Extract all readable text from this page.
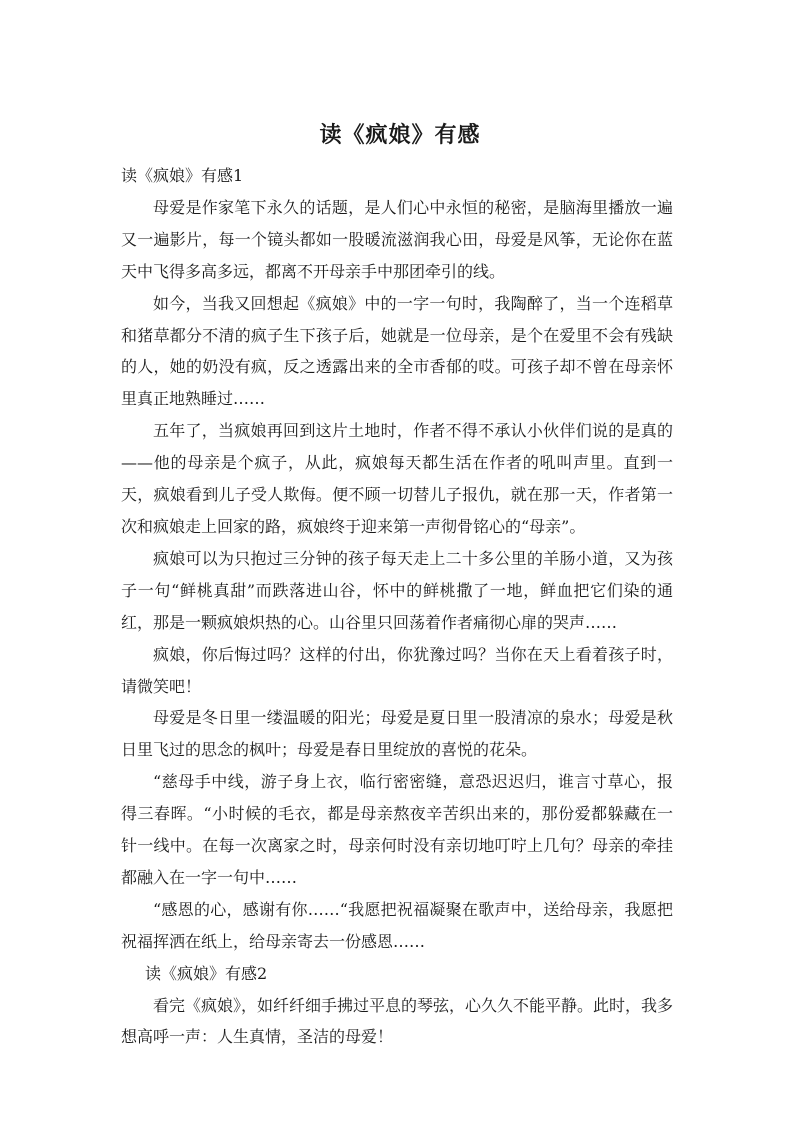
读《疯娘》有感

读《疯娘》有感1

母爱是作家笔下永久的话题，是人们心中永恒的秘密，是脑海里播放一遍又一遍影片，每一个镜头都如一股暖流滋润我心田，母爱是风筝，无论你在蓝天中飞得多高多远，都离不开母亲手中那团牵引的线。

如今，当我又回想起《疯娘》中的一字一句时，我陶醉了，当一个连稻草和猪草都分不清的疯子生下孩子后，她就是一位母亲，是个在爱里不会有残缺的人，她的奶没有疯，反之透露出来的全市香郁的哎。可孩子却不曾在母亲怀里真正地熟睡过……

五年了，当疯娘再回到这片土地时，作者不得不承认小伙伴们说的是真的——他的母亲是个疯子，从此，疯娘每天都生活在作者的吼叫声里。直到一天，疯娘看到儿子受人欺侮。便不顾一切替儿子报仇，就在那一天，作者第一次和疯娘走上回家的路，疯娘终于迎来第一声彻骨铭心的“母亲”。

疯娘可以为只抱过三分钟的孩子每天走上二十多公里的羊肠小道，又为孩子一句“鲜桃真甜”而跌落进山谷，怀中的鲜桃撒了一地，鲜血把它们染的通红，那是一颗疯娘炽热的心。山谷里只回荡着作者痛彻心扉的哭声……

疯娘，你后悔过吗？这样的付出，你犹豫过吗？当你在天上看着孩子时，请微笑吧！

母爱是冬日里一缕温暖的阳光；母爱是夏日里一股清凉的泉水；母爱是秋日里飞过的思念的枫叶；母爱是春日里绽放的喜悦的花朵。

“慈母手中线，游子身上衣，临行密密缝，意恐迟迟归，谁言寸草心，报得三春晖。“小时候的毛衣，都是母亲熬夜辛苦织出来的，那份爱都躲藏在一针一线中。在每一次离家之时，母亲何时没有亲切地叮咛上几句？母亲的牵挂都融入在一字一句中……

“感恩的心，感谢有你……“我愿把祝福凝聚在歌声中，送给母亲，我愿把祝福挥洒在纸上，给母亲寄去一份感恩……

读《疯娘》有感2

看完《疯娘》，如纤纤细手拂过平息的琴弦，心久久不能平静。此时，我多想高呼一声：人生真情，圣洁的母爱！
